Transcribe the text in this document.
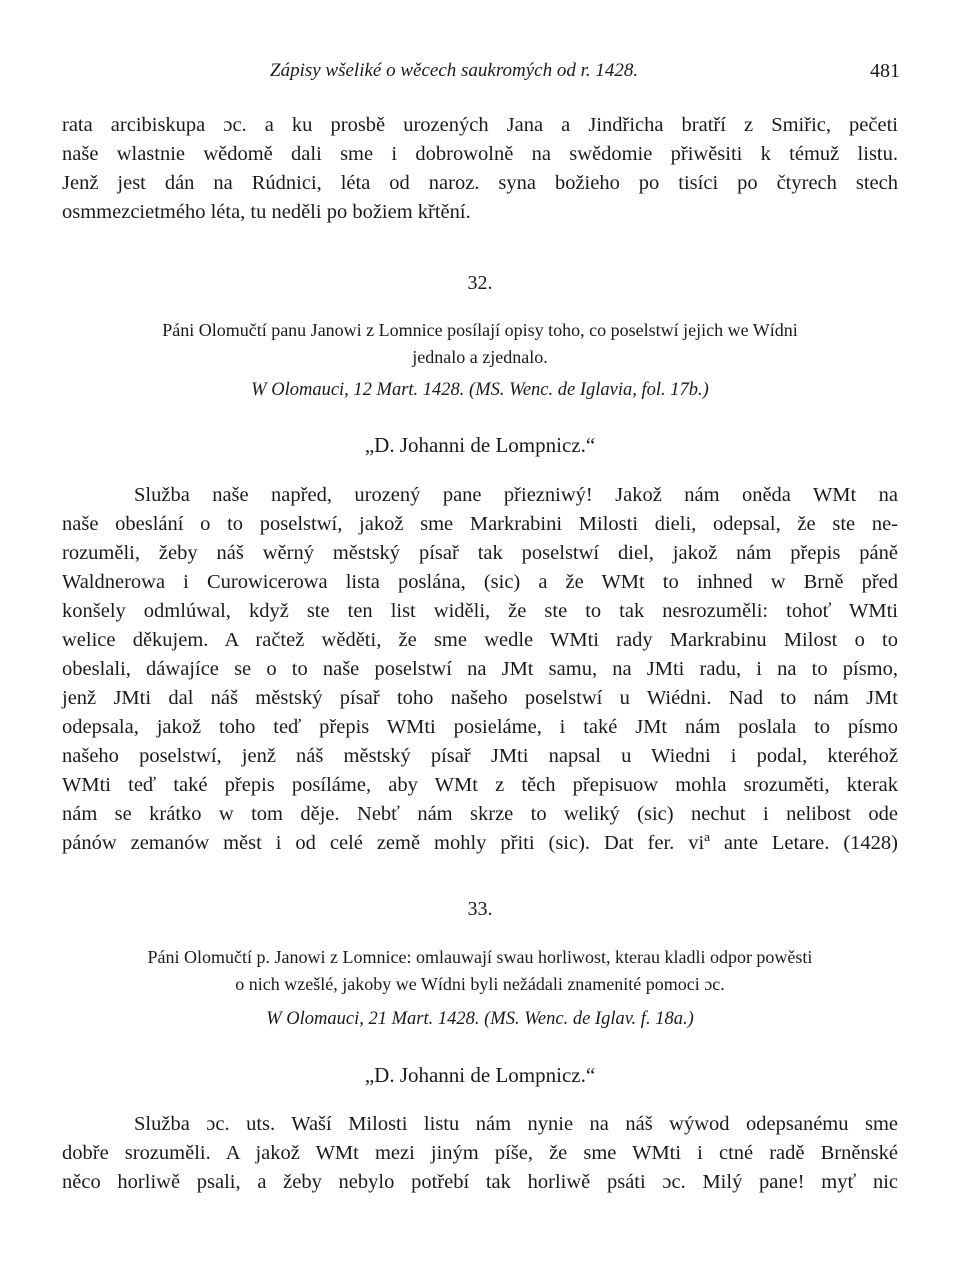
Zápisy wšeliké o wěcech saukromých od r. 1428.	481
rata arcibiskupa ɔc. a ku prosbě urozených Jana a Jindřicha bratří z Smiřic, pečeti
naše wlastnie wědomě dali sme i dobrowolně na swědomie přiwěsiti k témuž listu.
Jenž jest dán na Rúdnici, léta od naroz. syna božieho po tisíci po čtyrech stech
osmmezcietmého léta, tu neděli po božiem křtění.
32.
Páni Olomučtí panu Janowi z Lomnice posílají opisy toho, co poselstwí jejich we Wídni
jednalo a zjednalo.
W Olomauci, 12 Mart. 1428. (MS. Wenc. de Iglavia, fol. 17b.)
„D. Johanni de Lompnicz.“
Služba naše napřed, urozený pane přiezniwý! Jakož nám oněda WMt na
naše obeslání o to poselstwí, jakož sme Markrabini Milosti dieli, odepsal, že ste ne-
rozuměli, žeby náš wěrný městský písař tak poselstwí diel, jakož nám přepis páně
Waldnerowa i Curowicerowa lista poslána, (sic) a že WMt to inhned w Brně před
konšely odmlúwal, když ste ten list widěli, že ste to tak nesrozuměli: tohoť WMti
welice děkujem. A račtež wěděti, že sme wedle WMti rady Markrabinu Milost o to
obeslali, dáwajíce se o to naše poselstwí na JMt samu, na JMti radu, i na to písmo,
jenž JMti dal náš městský písař toho našeho poselstwí u Wiédni. Nad to nám JMt
odepsala, jakož toho teď přepis WMti posieláme, i také JMt nám poslala to písmo
našeho poselstwí, jenž náš městský písař JMti napsal u Wiedni i podal, kteréhož
WMti teď také přepis posíláme, aby WMt z těch přepisuow mohla srozuměti, kterak
nám se krátko w tom děje. Nebť nám skrze to weliký (sic) nechut i nelibost ode
pánów zemanów měst i od celé země mohly přiti (sic). Dat fer. viª ante Letare. (1428)
33.
Páni Olomučtí p. Janowi z Lomnice: omlauwají swau horliwost, kterau kladli odpor powěsti
o nich wzešlé, jakoby we Wídni byli nežádali znamenité pomoci ɔc.
W Olomauci, 21 Mart. 1428. (MS. Wenc. de Iglav. f. 18a.)
„D. Johanni de Lompnicz.“
Služba ɔc. uts. Waší Milosti listu nám nynie na náš wýwod odepsanému sme
dobře srozuměli. A jakož WMt mezi jiným píše, že sme WMti i ctné radě Brněnské
něco horliwě psali, a žeby nebylo potřebí tak horliwě psáti ɔc. Milý pane! myť nic
